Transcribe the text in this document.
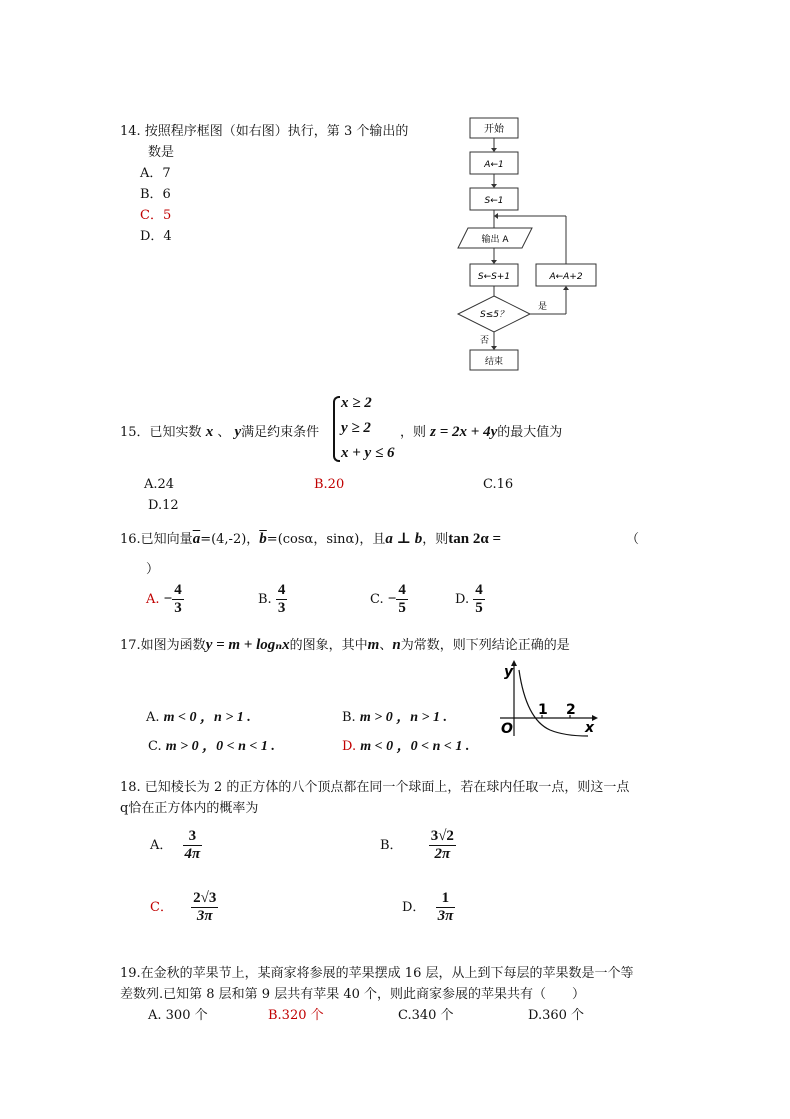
14. 按照程序框图（如右图）执行，第 3 个输出的
数是
A．7
B．6
C．5
D．4
开始
A←1
S←1
输出 A
S←S+1	A←A+2
S≤5？
是
否
结束
15．已知实数 x 、 y满足约束条件
x ≥ 2
y ≥ 2
x + y ≤ 6
，则 z = 2x + 4y的最大值为
A.24	B.20	C.16
D.12
16.已知向量$\overline{a}=(4,-2)$，$\overline{b}=(\cos\alpha$，sinα)，且a ⊥ b，则tan 2α =	（
）
A. − $\frac{4}{3}$	B. $\frac{4}{3}$	C. − $\frac{4}{5}$	D. $\frac{4}{5}$
17.如图为函数y = m + logₙx的图象，其中m、n为常数，则下列结论正确的是
A. m < 0 ，n > 1 .	B. m > 0 ，n > 1 .
C. m > 0 ，0 < n < 1 .	D. m < 0 ，0 < n < 1 .
y
x
O
1 2
18. 已知棱长为 2 的正方体的八个顶点都在同一个球面上，若在球内任取一点，则这一点
q恰在正方体内的概率为
A． $\frac{3}{4\pi}$	B． $\frac{3√2}{2\pi}$
C． $\frac{2√3}{3\pi}$	D． $\frac{1}{3\pi}$
19.在金秋的苹果节上，某商家将参展的苹果摆成 16 层，从上到下每层的苹果数是一个等
差数列.已知第 8 层和第 9 层共有苹果 40 个，则此商家参展的苹果共有（　　）
A. 300 个	B.320 个	C.340 个	D.360 个
